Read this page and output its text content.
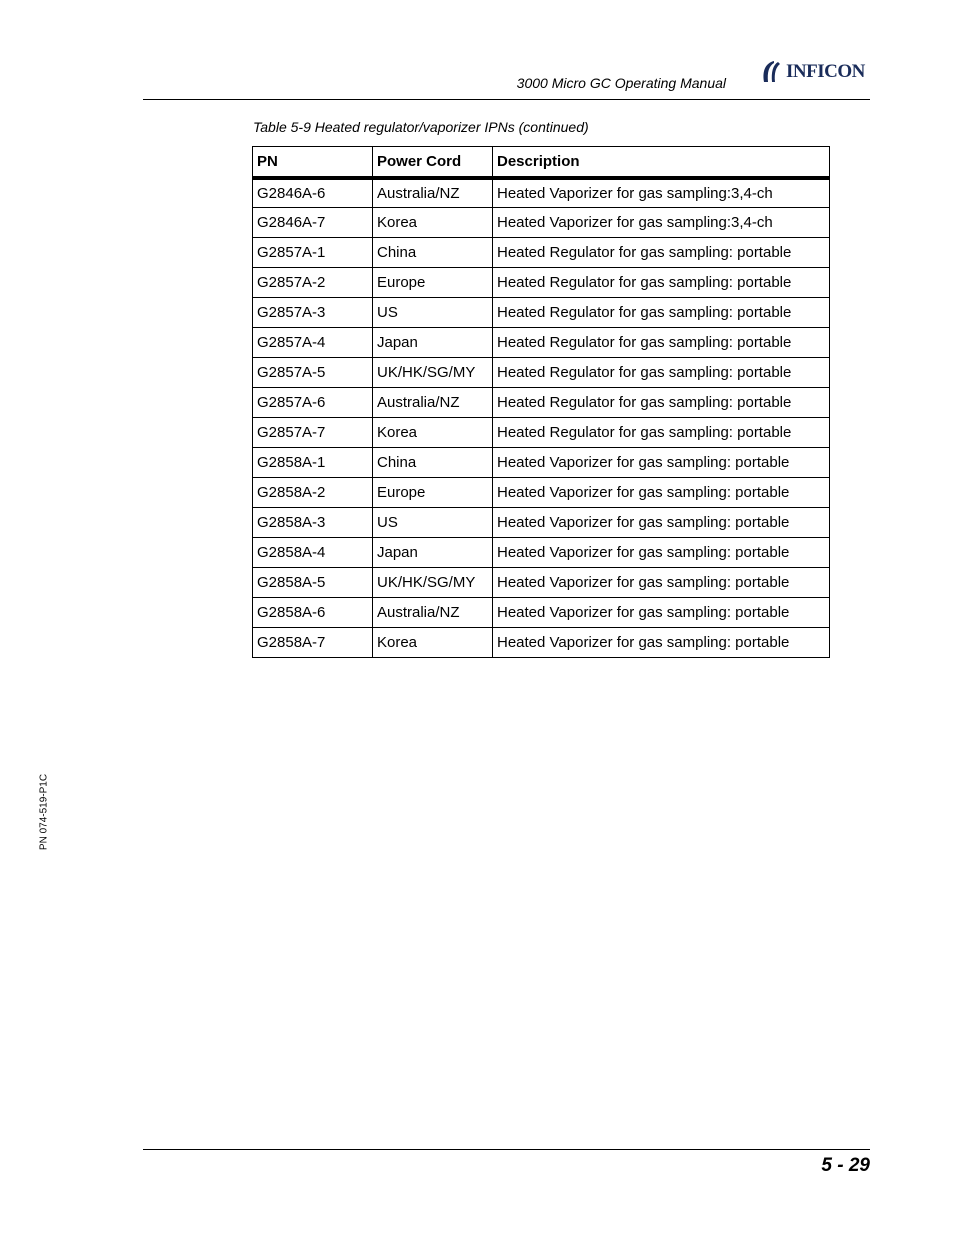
3000 Micro GC Operating Manual
INFICON
Table 5-9 Heated regulator/vaporizer IPNs (continued)
PN	Power Cord	Description
G2846A-6	Australia/NZ	Heated Vaporizer for gas sampling:3,4-ch
G2846A-7	Korea	Heated Vaporizer for gas sampling:3,4-ch
G2857A-1	China	Heated Regulator for gas sampling: portable
G2857A-2	Europe	Heated Regulator for gas sampling: portable
G2857A-3	US	Heated Regulator for gas sampling: portable
G2857A-4	Japan	Heated Regulator for gas sampling: portable
G2857A-5	UK/HK/SG/MY	Heated Regulator for gas sampling: portable
G2857A-6	Australia/NZ	Heated Regulator for gas sampling: portable
G2857A-7	Korea	Heated Regulator for gas sampling: portable
G2858A-1	China	Heated Vaporizer for gas sampling: portable
G2858A-2	Europe	Heated Vaporizer for gas sampling: portable
G2858A-3	US	Heated Vaporizer for gas sampling: portable
G2858A-4	Japan	Heated Vaporizer for gas sampling: portable
G2858A-5	UK/HK/SG/MY	Heated Vaporizer for gas sampling: portable
G2858A-6	Australia/NZ	Heated Vaporizer for gas sampling: portable
G2858A-7	Korea	Heated Vaporizer for gas sampling: portable
PN 074-519-P1C
5 - 29
